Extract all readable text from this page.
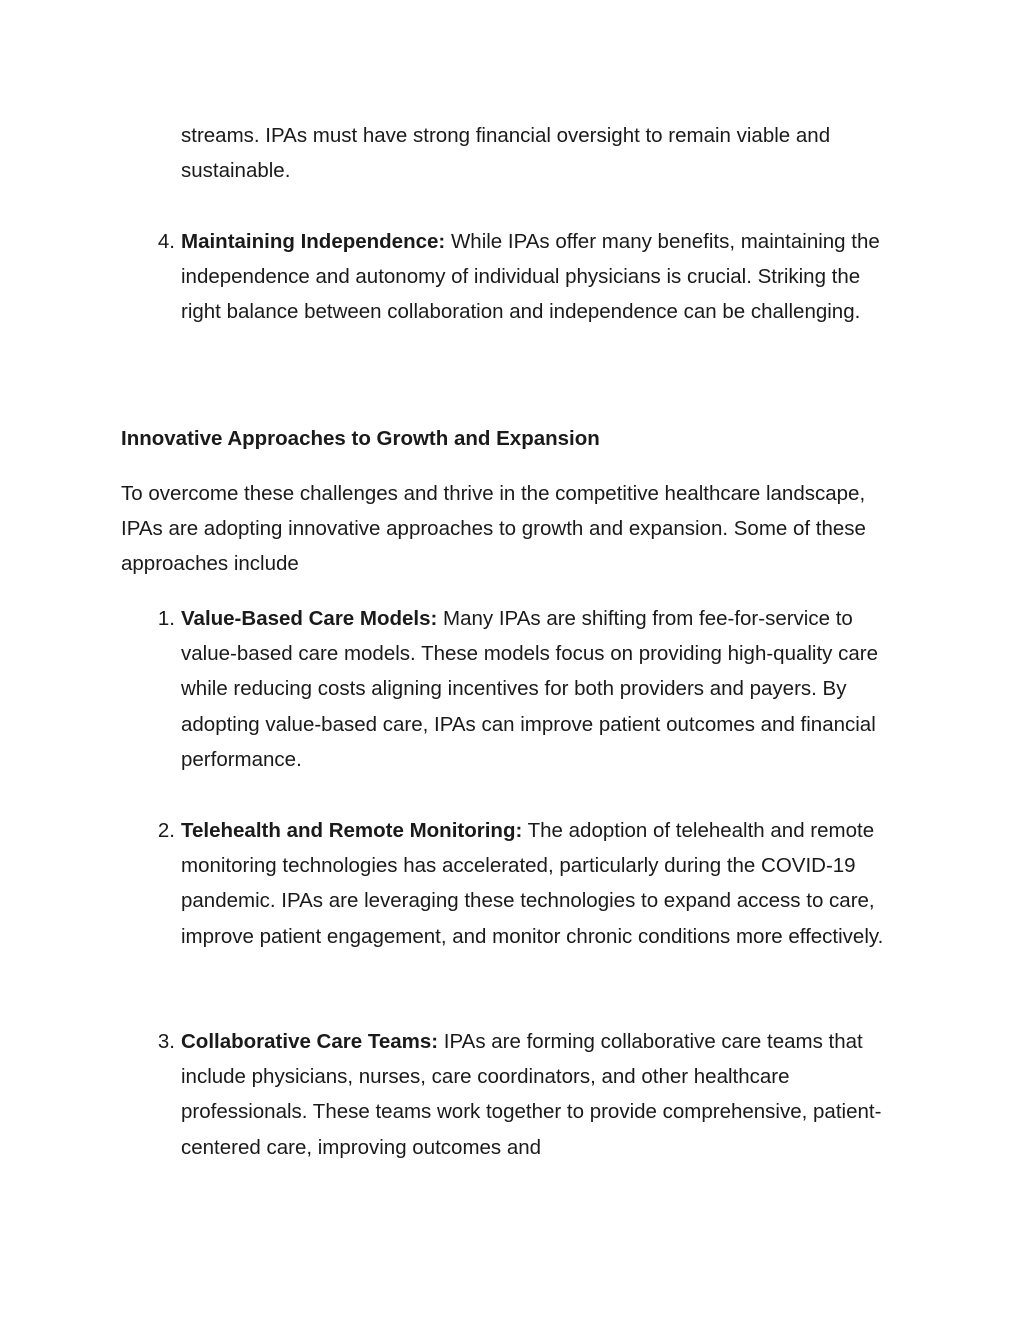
streams. IPAs must have strong financial oversight to remain viable and sustainable.
4. Maintaining Independence: While IPAs offer many benefits, maintaining the independence and autonomy of individual physicians is crucial. Striking the right balance between collaboration and independence can be challenging.
Innovative Approaches to Growth and Expansion
To overcome these challenges and thrive in the competitive healthcare landscape, IPAs are adopting innovative approaches to growth and expansion. Some of these approaches include
1. Value-Based Care Models: Many IPAs are shifting from fee-for-service to value-based care models. These models focus on providing high-quality care while reducing costs aligning incentives for both providers and payers. By adopting value-based care, IPAs can improve patient outcomes and financial performance.
2. Telehealth and Remote Monitoring: The adoption of telehealth and remote monitoring technologies has accelerated, particularly during the COVID-19 pandemic. IPAs are leveraging these technologies to expand access to care, improve patient engagement, and monitor chronic conditions more effectively.
3. Collaborative Care Teams: IPAs are forming collaborative care teams that include physicians, nurses, care coordinators, and other healthcare professionals. These teams work together to provide comprehensive, patient-centered care, improving outcomes and
